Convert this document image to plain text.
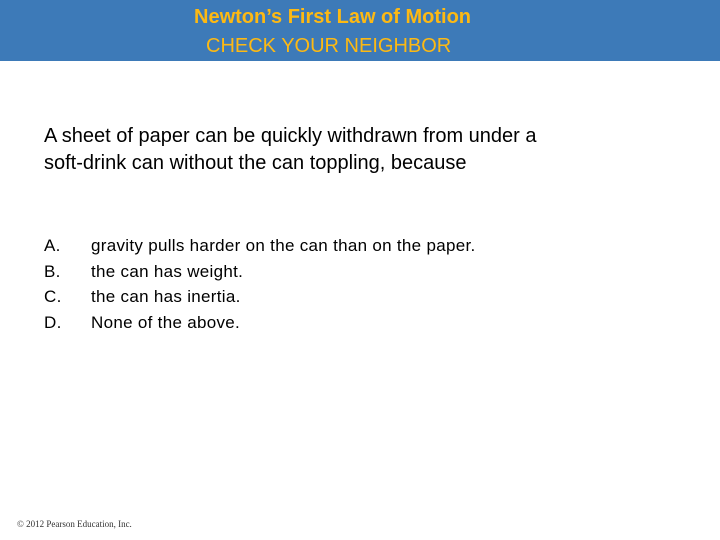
Newton’s First Law of Motion
CHECK YOUR NEIGHBOR
A sheet of paper can be quickly withdrawn from under a
soft-drink can without the can toppling, because
A. gravity pulls harder on the can than on the paper.
B. the can has weight.
C. the can has inertia.
D. None of the above.
© 2012 Pearson Education, Inc.
